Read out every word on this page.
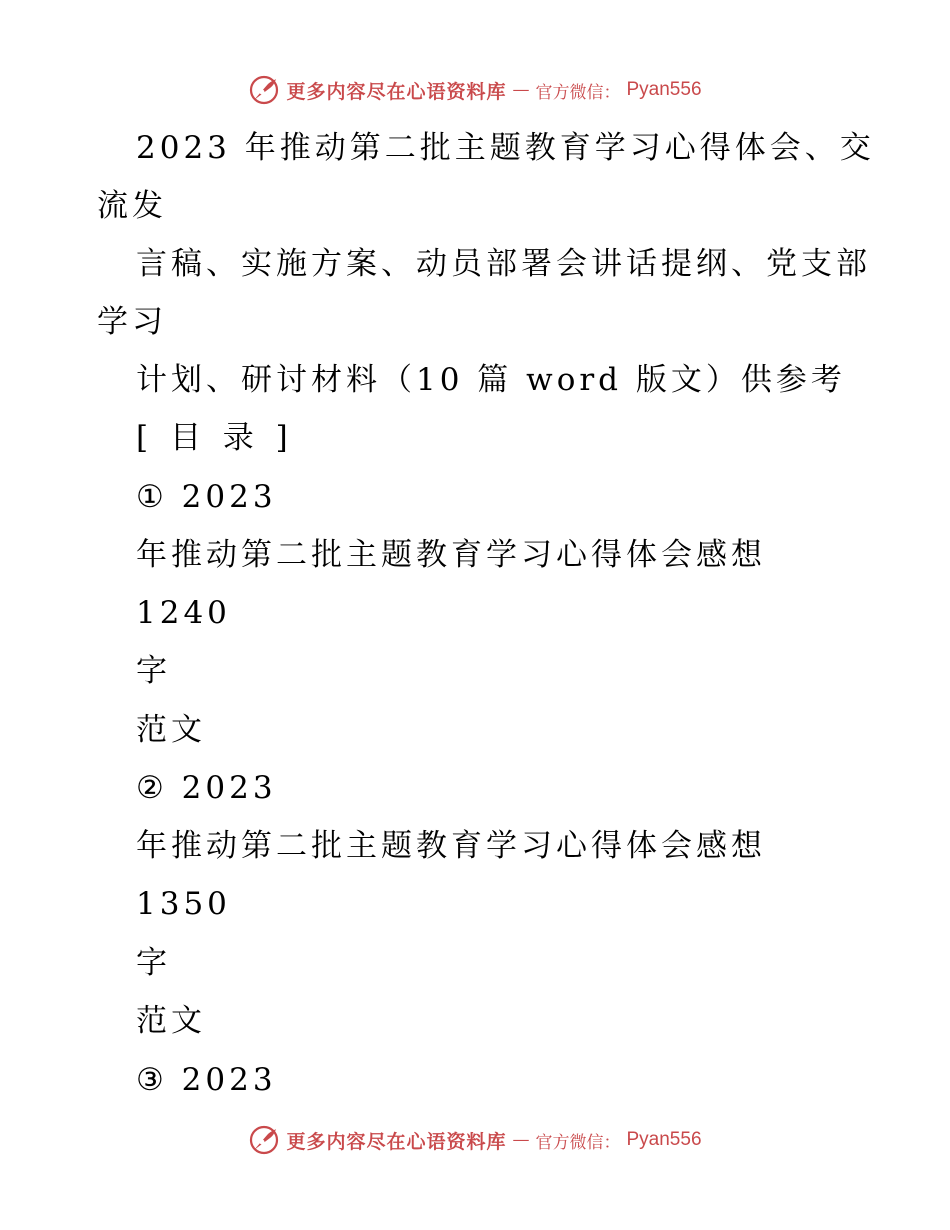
更多内容尽在心语资料库 — 官方微信： Pyan556
2023 年推动第二批主题教育学习心得体会、交
流发
言稿、实施方案、动员部署会讲话提纲、党支部
学习
计划、研讨材料（10 篇 word 版文）供参考
[ 目 录 ]
① 2023
年推动第二批主题教育学习心得体会感想
1240
字
范文
② 2023
年推动第二批主题教育学习心得体会感想
1350
字
范文
③ 2023
更多内容尽在心语资料库 — 官方微信： Pyan556
